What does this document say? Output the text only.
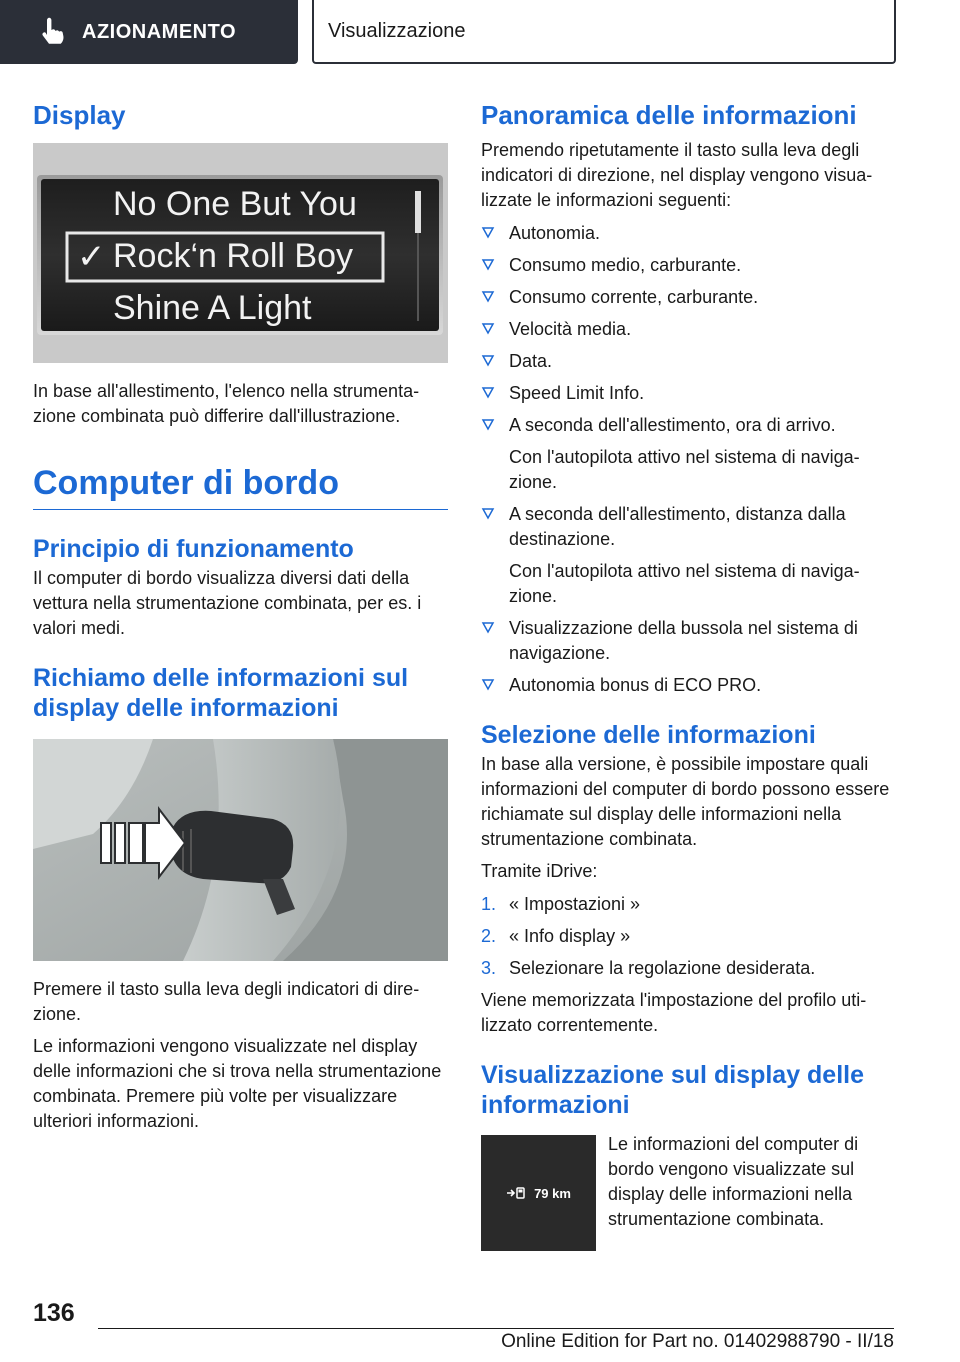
AZIONAMENTO	Visualizzazione
Display
No One But You
✓ Rock‘n Roll Boy
Shine A Light

In base all'allestimento, l'elenco nella strumentazione combinata può differire dall'illustrazione.

Computer di bordo
Principio di funzionamento

Il computer di bordo visualizza diversi dati della vettura nella strumentazione combinata, per es. i valori medi.

Richiamo delle informazioni sul display delle informazioni

Premere il tasto sulla leva degli indicatori di direzione.

Le informazioni vengono visualizzate nel display delle informazioni che si trova nella strumentazione combinata. Premere più volte per visualizzare ulteriori informazioni.

Panoramica delle informazioni

Premendo ripetutamente il tasto sulla leva degli indicatori di direzione, nel display vengono visualizzate le informazioni seguenti:

Autonomia.
Consumo medio, carburante.
Consumo corrente, carburante.
Velocità media.
Data.
Speed Limit Info.
A seconda dell'allestimento, ora di arrivo.
Con l'autopilota attivo nel sistema di navigazione.
A seconda dell'allestimento, distanza dalla destinazione.
Con l'autopilota attivo nel sistema di navigazione.
Visualizzazione della bussola nel sistema di navigazione.
Autonomia bonus di ECO PRO.
Selezione delle informazioni

In base alla versione, è possibile impostare quali informazioni del computer di bordo possono essere richiamate sul display delle informazioni nella strumentazione combinata.

Tramite iDrive:

1. « Impostazioni »
2. « Info display »
3. Selezionare la regolazione desiderata.

Viene memorizzata l'impostazione del profilo utilizzato correntemente.

Visualizzazione sul display delle informazioni
79 km

Le informazioni del computer di bordo vengono visualizzate sul display delle informazioni nella strumentazione combinata.

136
Online Edition for Part no. 01402988790 - II/18
